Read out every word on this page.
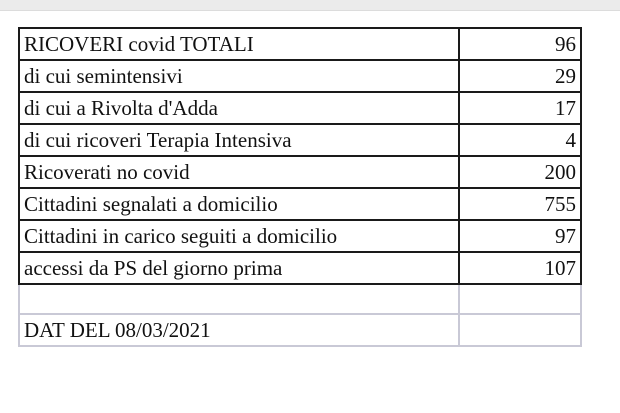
RICOVERI covid TOTALI	96
di cui semintensivi	29
di cui a Rivolta d'Adda	17
di cui ricoveri Terapia Intensiva	4
Ricoverati no covid	200
Cittadini segnalati a domicilio	755
Cittadini in carico seguiti a domicilio	97
accessi da PS del giorno prima	107

DAT DEL 08/03/2021	
